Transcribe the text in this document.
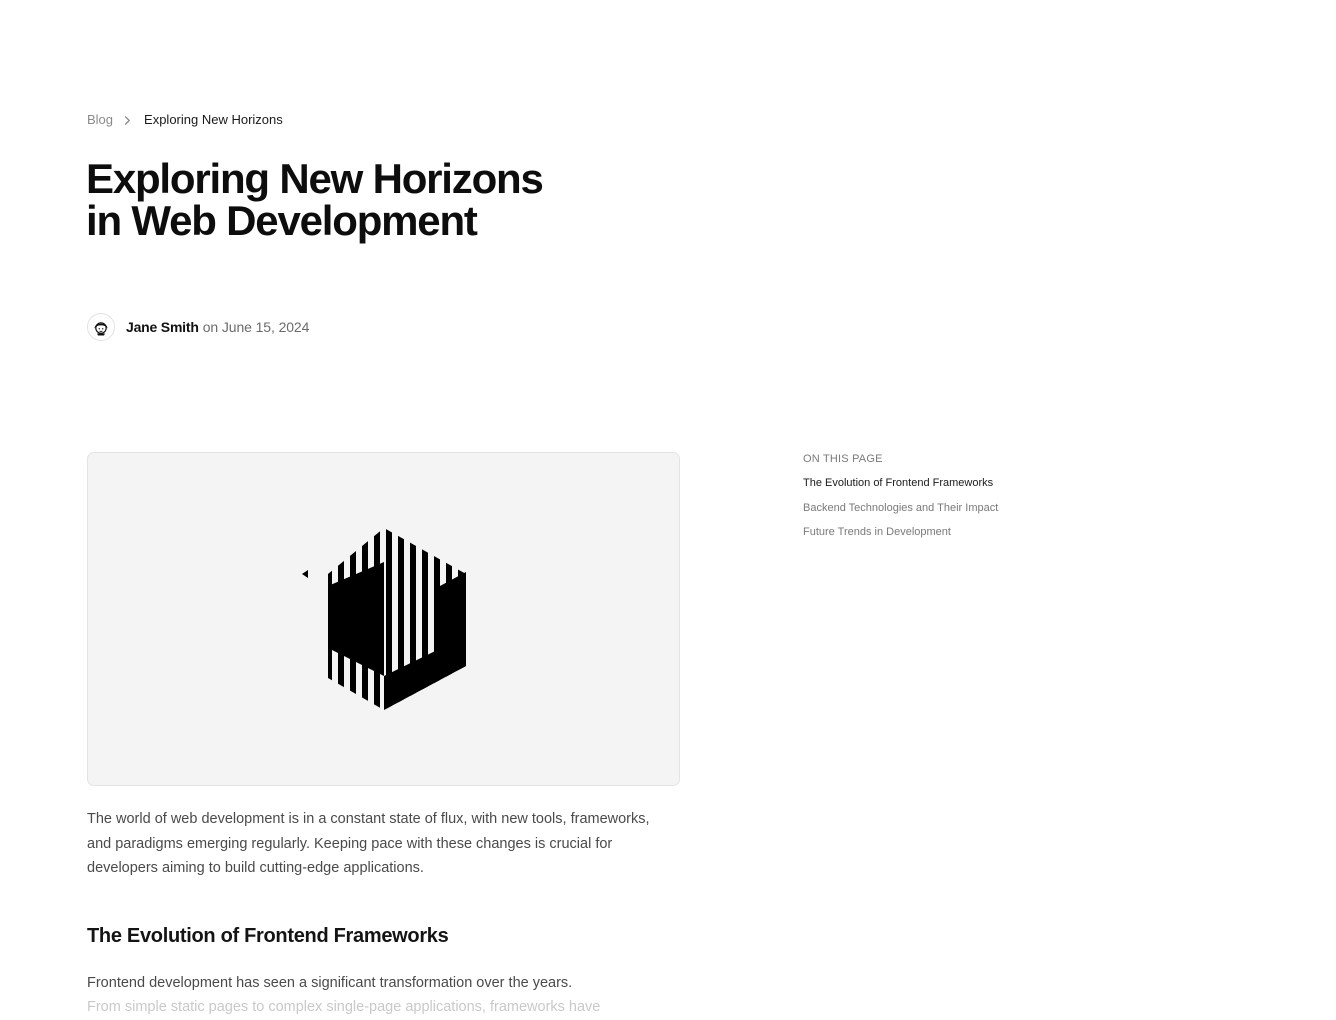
Blog Exploring New Horizons
Exploring New Horizons
in Web Development
Jane Smith on June 15, 2024

The world of web development is in a constant state of flux, with new tools, frameworks, and paradigms emerging regularly. Keeping pace with these changes is crucial for developers aiming to build cutting-edge applications.

The Evolution of Frontend Frameworks

Frontend development has seen a significant transformation over the years.

From simple static pages to complex single-page applications, frameworks have

ON THIS PAGE
The Evolution of Frontend Frameworks
Backend Technologies and Their Impact
Future Trends in Development
